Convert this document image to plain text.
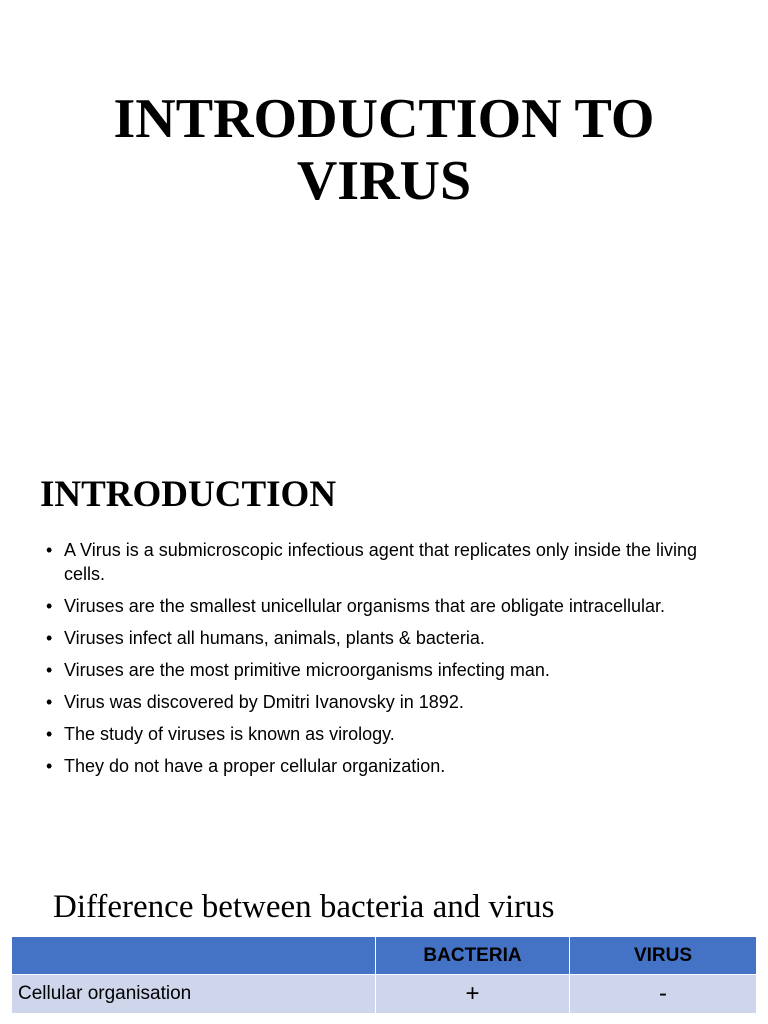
INTRODUCTION TO
VIRUS
INTRODUCTION
• A Virus is a submicroscopic infectious agent that replicates only inside the living cells.
• Viruses are the smallest unicellular organisms that are obligate intracellular.
• Viruses infect all humans, animals, plants & bacteria.
• Viruses are the most primitive microorganisms infecting man.
• Virus was discovered by Dmitri Ivanovsky in 1892.
• The study of viruses is known as virology.
• They do not have a proper cellular organization.
Difference between bacteria and virus
	BACTERIA	VIRUS
Cellular organisation	+	-
